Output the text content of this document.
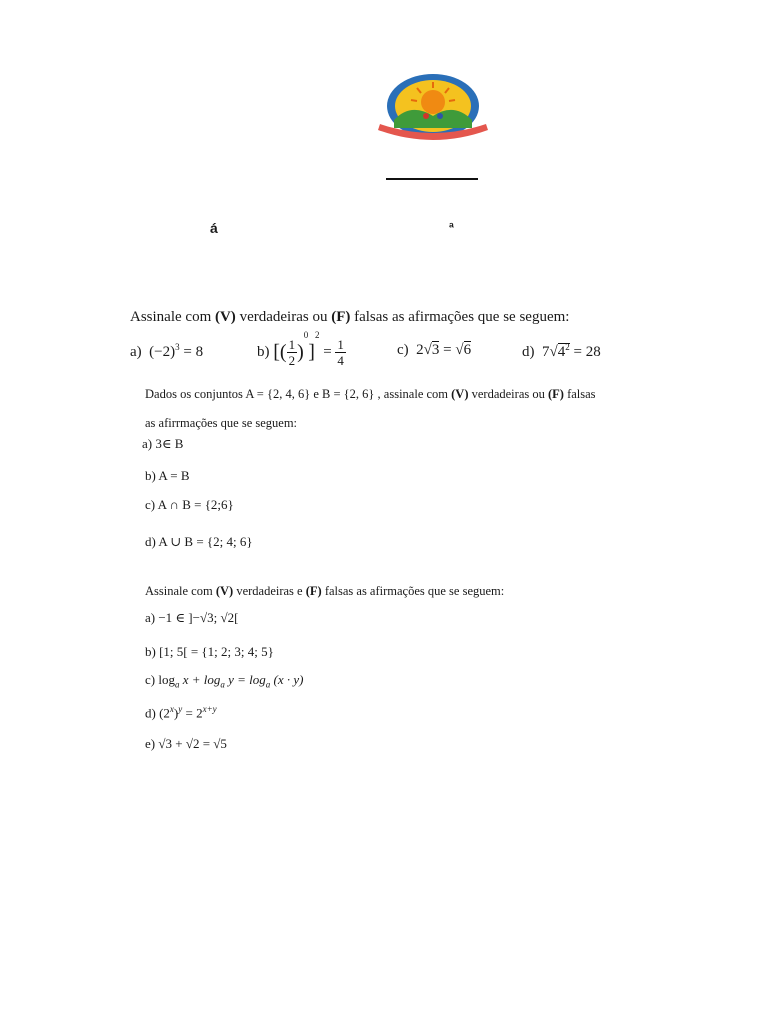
á	ª
Assinale com (V) verdadeiras ou (F) falsas as afirmações que se seguem:
a) $(-2)^3 = 8$	b)
[ ( $\frac{1}{2}$ )
0
]
2

=
$\frac{1}{4}$	c) 2√3 = √6	d) $7√4^2 = 28$
Dados os conjuntos A = {2, 4, 6} e B = {2, 6} , assinale com (V) verdadeiras ou (F) falsas
as afirrmações que se seguem:
a) 3∈ B
b) A = B
c) A ∩ B = {2;6}
d) A ∪ B = {2; 4; 6}
Assinale com (V) verdadeiras e (F) falsas as afirmações que se seguem:
a) −1 ∈ ]−√3; √2[
b) [1; 5[ = {1; 2; 3; 4; 5}
c) $\log_a x + \log_a y = \log_a (x \cdot y)$
d) $(2^x)^y = 2^{x+y}$
e) √3 + √2 = √5
